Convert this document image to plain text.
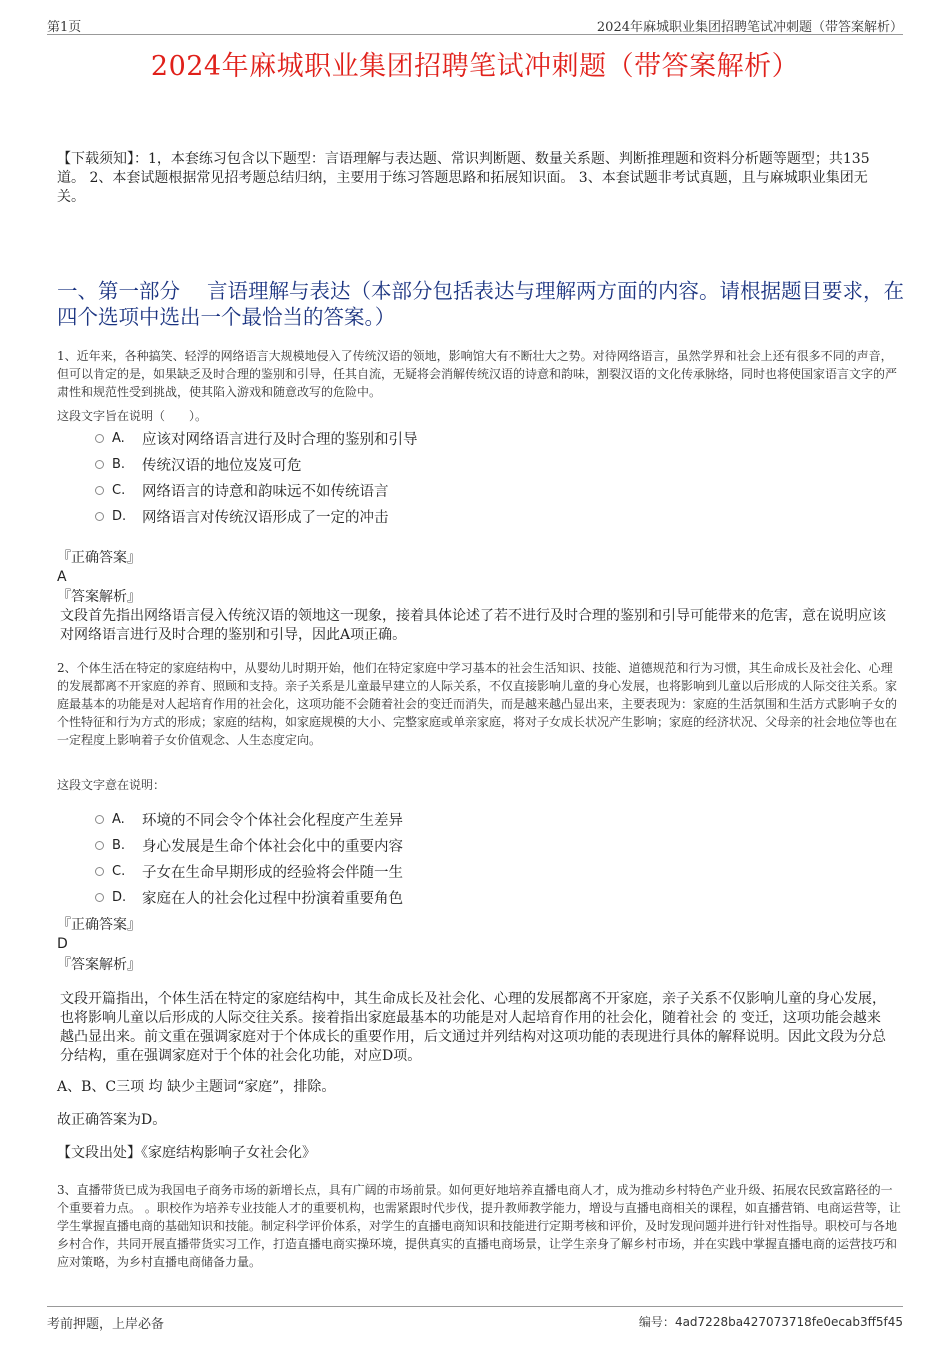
第1页	2024年麻城职业集团招聘笔试冲刺题（带答案解析）
2024年麻城职业集团招聘笔试冲刺题（带答案解析）
【下载须知】：1，本套练习包含以下题型：言语理解与表达题、常识判断题、数量关系题、判断推理题和资料分析题等题型；共135道。 2、本套试题根据常见招考题总结归纳，主要用于练习答题思路和拓展知识面。 3、本套试题非考试真题，且与麻城职业集团无关。
一、第一部分　 言语理解与表达（本部分包括表达与理解两方面的内容。请根据题目要求，在四个选项中选出一个最恰当的答案。）
1、近年来，各种搞笑、轻浮的网络语言大规模地侵入了传统汉语的领地，影响馆大有不断壮大之势。对待网络语言，虽然学界和社会上还有很多不同的声音，但可以肯定的是，如果缺乏及时合理的鉴别和引导，任其自流，无疑将会消解传统汉语的诗意和韵味，割裂汉语的文化传承脉络，同时也将使国家语言文字的严肃性和规范性受到挑战，使其陷入游戏和随意改写的危险中。
这段文字旨在说明（　　）。
A.	应该对网络语言进行及时合理的鉴别和引导
B.	传统汉语的地位岌岌可危
C.	网络语言的诗意和韵味远不如传统语言
D.	网络语言对传统汉语形成了一定的冲击
『正确答案』
A
『答案解析』
文段首先指出网络语言侵入传统汉语的领地这一现象，接着具体论述了若不进行及时合理的鉴别和引导可能带来的危害，意在说明应该对网络语言进行及时合理的鉴别和引导，因此A项正确。
2、个体生活在特定的家庭结构中，从婴幼儿时期开始，他们在特定家庭中学习基本的社会生活知识、技能、道德规范和行为习惯，其生命成长及社会化、心理的发展都离不开家庭的养育、照顾和支持。亲子关系是儿童最早建立的人际关系，不仅直接影响儿童的身心发展，也将影响到儿童以后形成的人际交往关系。家庭最基本的功能是对人起培育作用的社会化，这项功能不会随着社会的变迁而消失，而是越来越凸显出来，主要表现为：家庭的生活氛围和生活方式影响子女的个性特征和行为方式的形成；家庭的结构，如家庭规模的大小、完整家庭或单亲家庭，将对子女成长状况产生影响；家庭的经济状况、父母亲的社会地位等也在一定程度上影响着子女价值观念、人生态度定向。
这段文字意在说明：
A.	环境的不同会令个体社会化程度产生差异
B.	身心发展是生命个体社会化中的重要内容
C.	子女在生命早期形成的经验将会伴随一生
D.	家庭在人的社会化过程中扮演着重要角色
『正确答案』
D
『答案解析』
文段开篇指出，个体生活在特定的家庭结构中，其生命成长及社会化、心理的发展都离不开家庭，亲子关系不仅影响儿童的身心发展，也将影响儿童以后形成的人际交往关系。接着指出家庭最基本的功能是对人起培育作用的社会化，随着社会 的 变迁，这项功能会越来越凸显出来。前文重在强调家庭对于个体成长的重要作用，后文通过并列结构对这项功能的表现进行具体的解释说明。因此文段为分总分结构，重在强调家庭对于个体的社会化功能，对应D项。
A、B、C三项 均 缺少主题词“家庭”，排除。
故正确答案为D。
【文段出处】《家庭结构影响子女社会化》
3、直播带货已成为我国电子商务市场的新增长点，具有广阔的市场前景。如何更好地培养直播电商人才，成为推动乡村特色产业升级、拓展农民致富路径的一个重要着力点。 。职校作为培养专业技能人才的重要机构，也需紧跟时代步伐，提升教师教学能力，增设与直播电商相关的课程，如直播营销、电商运营等，让学生掌握直播电商的基础知识和技能。制定科学评价体系，对学生的直播电商知识和技能进行定期考核和评价，及时发现问题并进行针对性指导。职校可与各地乡村合作，共同开展直播带货实习工作，打造直播电商实操环境，提供真实的直播电商场景，让学生亲身了解乡村市场，并在实践中掌握直播电商的运营技巧和应对策略，为乡村直播电商储备力量。
考前押题，上岸必备	编号：4ad7228ba427073718fe0ecab3ff5f45
